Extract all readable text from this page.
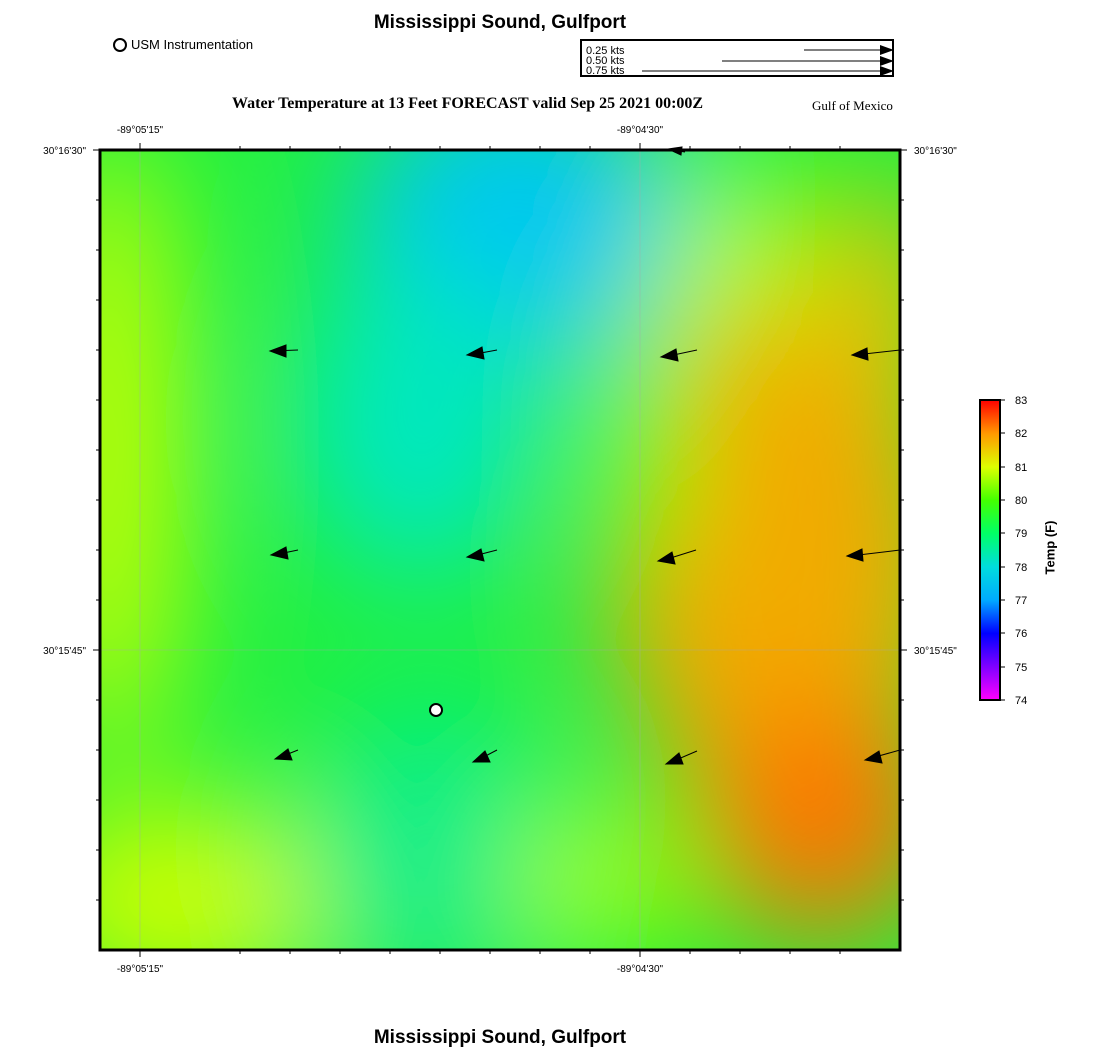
Mississippi Sound, Gulfport
USM Instrumentation	0.25 kts
0.50 kts
0.75 kts
Water Temperature at 13 Feet FORECAST valid Sep 25 2021 00:00Z	Gulf of Mexico
-89°05'15"	-89°04'30"
-89°05'15"	-89°04'30"
30°16'30"
30°15'45"
30°16'30"
30°15'45"
83
82
81
80
79
78
77
76
75
74
Temp (F)
Mississippi Sound, Gulfport
